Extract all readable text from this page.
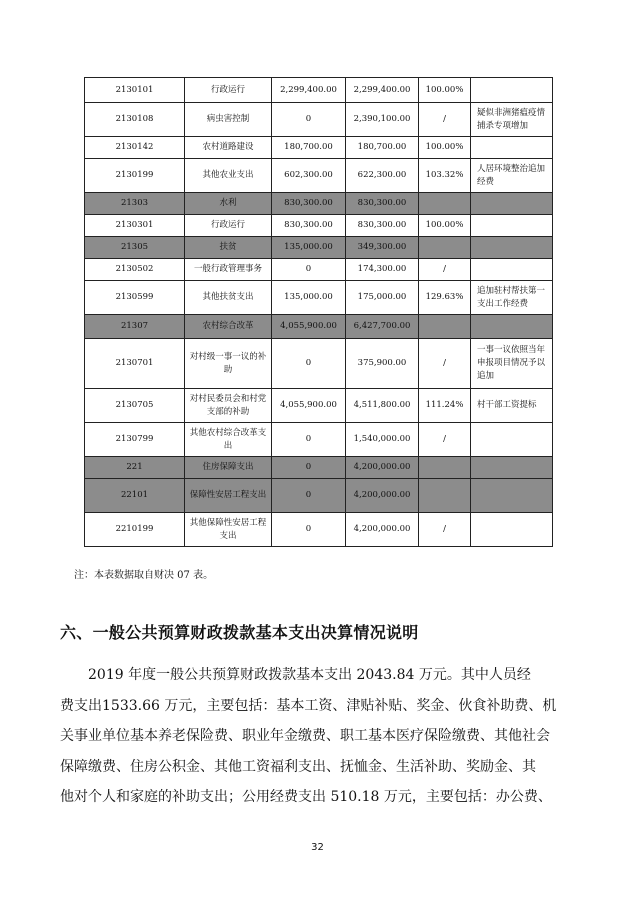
2130101	行政运行	2,299,400.00	2,299,400.00	100.00%	
2130108	病虫害控制	0	2,390,100.00	/	疑似非洲猪瘟疫情捕杀专项增加
2130142	农村道路建设	180,700.00	180,700.00	100.00%	
2130199	其他农业支出	602,300.00	622,300.00	103.32%	人居环境整治追加经费
21303	水利	830,300.00	830,300.00		
2130301	行政运行	830,300.00	830,300.00	100.00%	
21305	扶贫	135,000.00	349,300.00		
2130502	一般行政管理事务	0	174,300.00	/	
2130599	其他扶贫支出	135,000.00	175,000.00	129.63%	追加驻村帮扶第一支出工作经费
21307	农村综合改革	4,055,900.00	6,427,700.00		
2130701	对村级一事一议的补助	0	375,900.00	/	一事一议依照当年申报项目情况予以追加
2130705	对村民委员会和村党支部的补助	4,055,900.00	4,511,800.00	111.24%	村干部工资提标
2130799	其他农村综合改革支出	0	1,540,000.00	/	
221	住房保障支出	0	4,200,000.00		
22101	保障性安居工程支出	0	4,200,000.00		
2210199	其他保障性安居工程支出	0	4,200,000.00	/	
注：本表数据取自财决 07 表。
六、一般公共预算财政拨款基本支出决算情况说明
2019 年度一般公共预算财政拨款基本支出 2043.84 万元。其中人员经
费支出1533.66 万元，主要包括：基本工资、津贴补贴、奖金、伙食补助费、机
关事业单位基本养老保险费、职业年金缴费、职工基本医疗保险缴费、其他社会
保障缴费、住房公积金、其他工资福利支出、抚恤金、生活补助、奖励金、其
他对个人和家庭的补助支出；公用经费支出 510.18 万元，主要包括：办公费、
32
